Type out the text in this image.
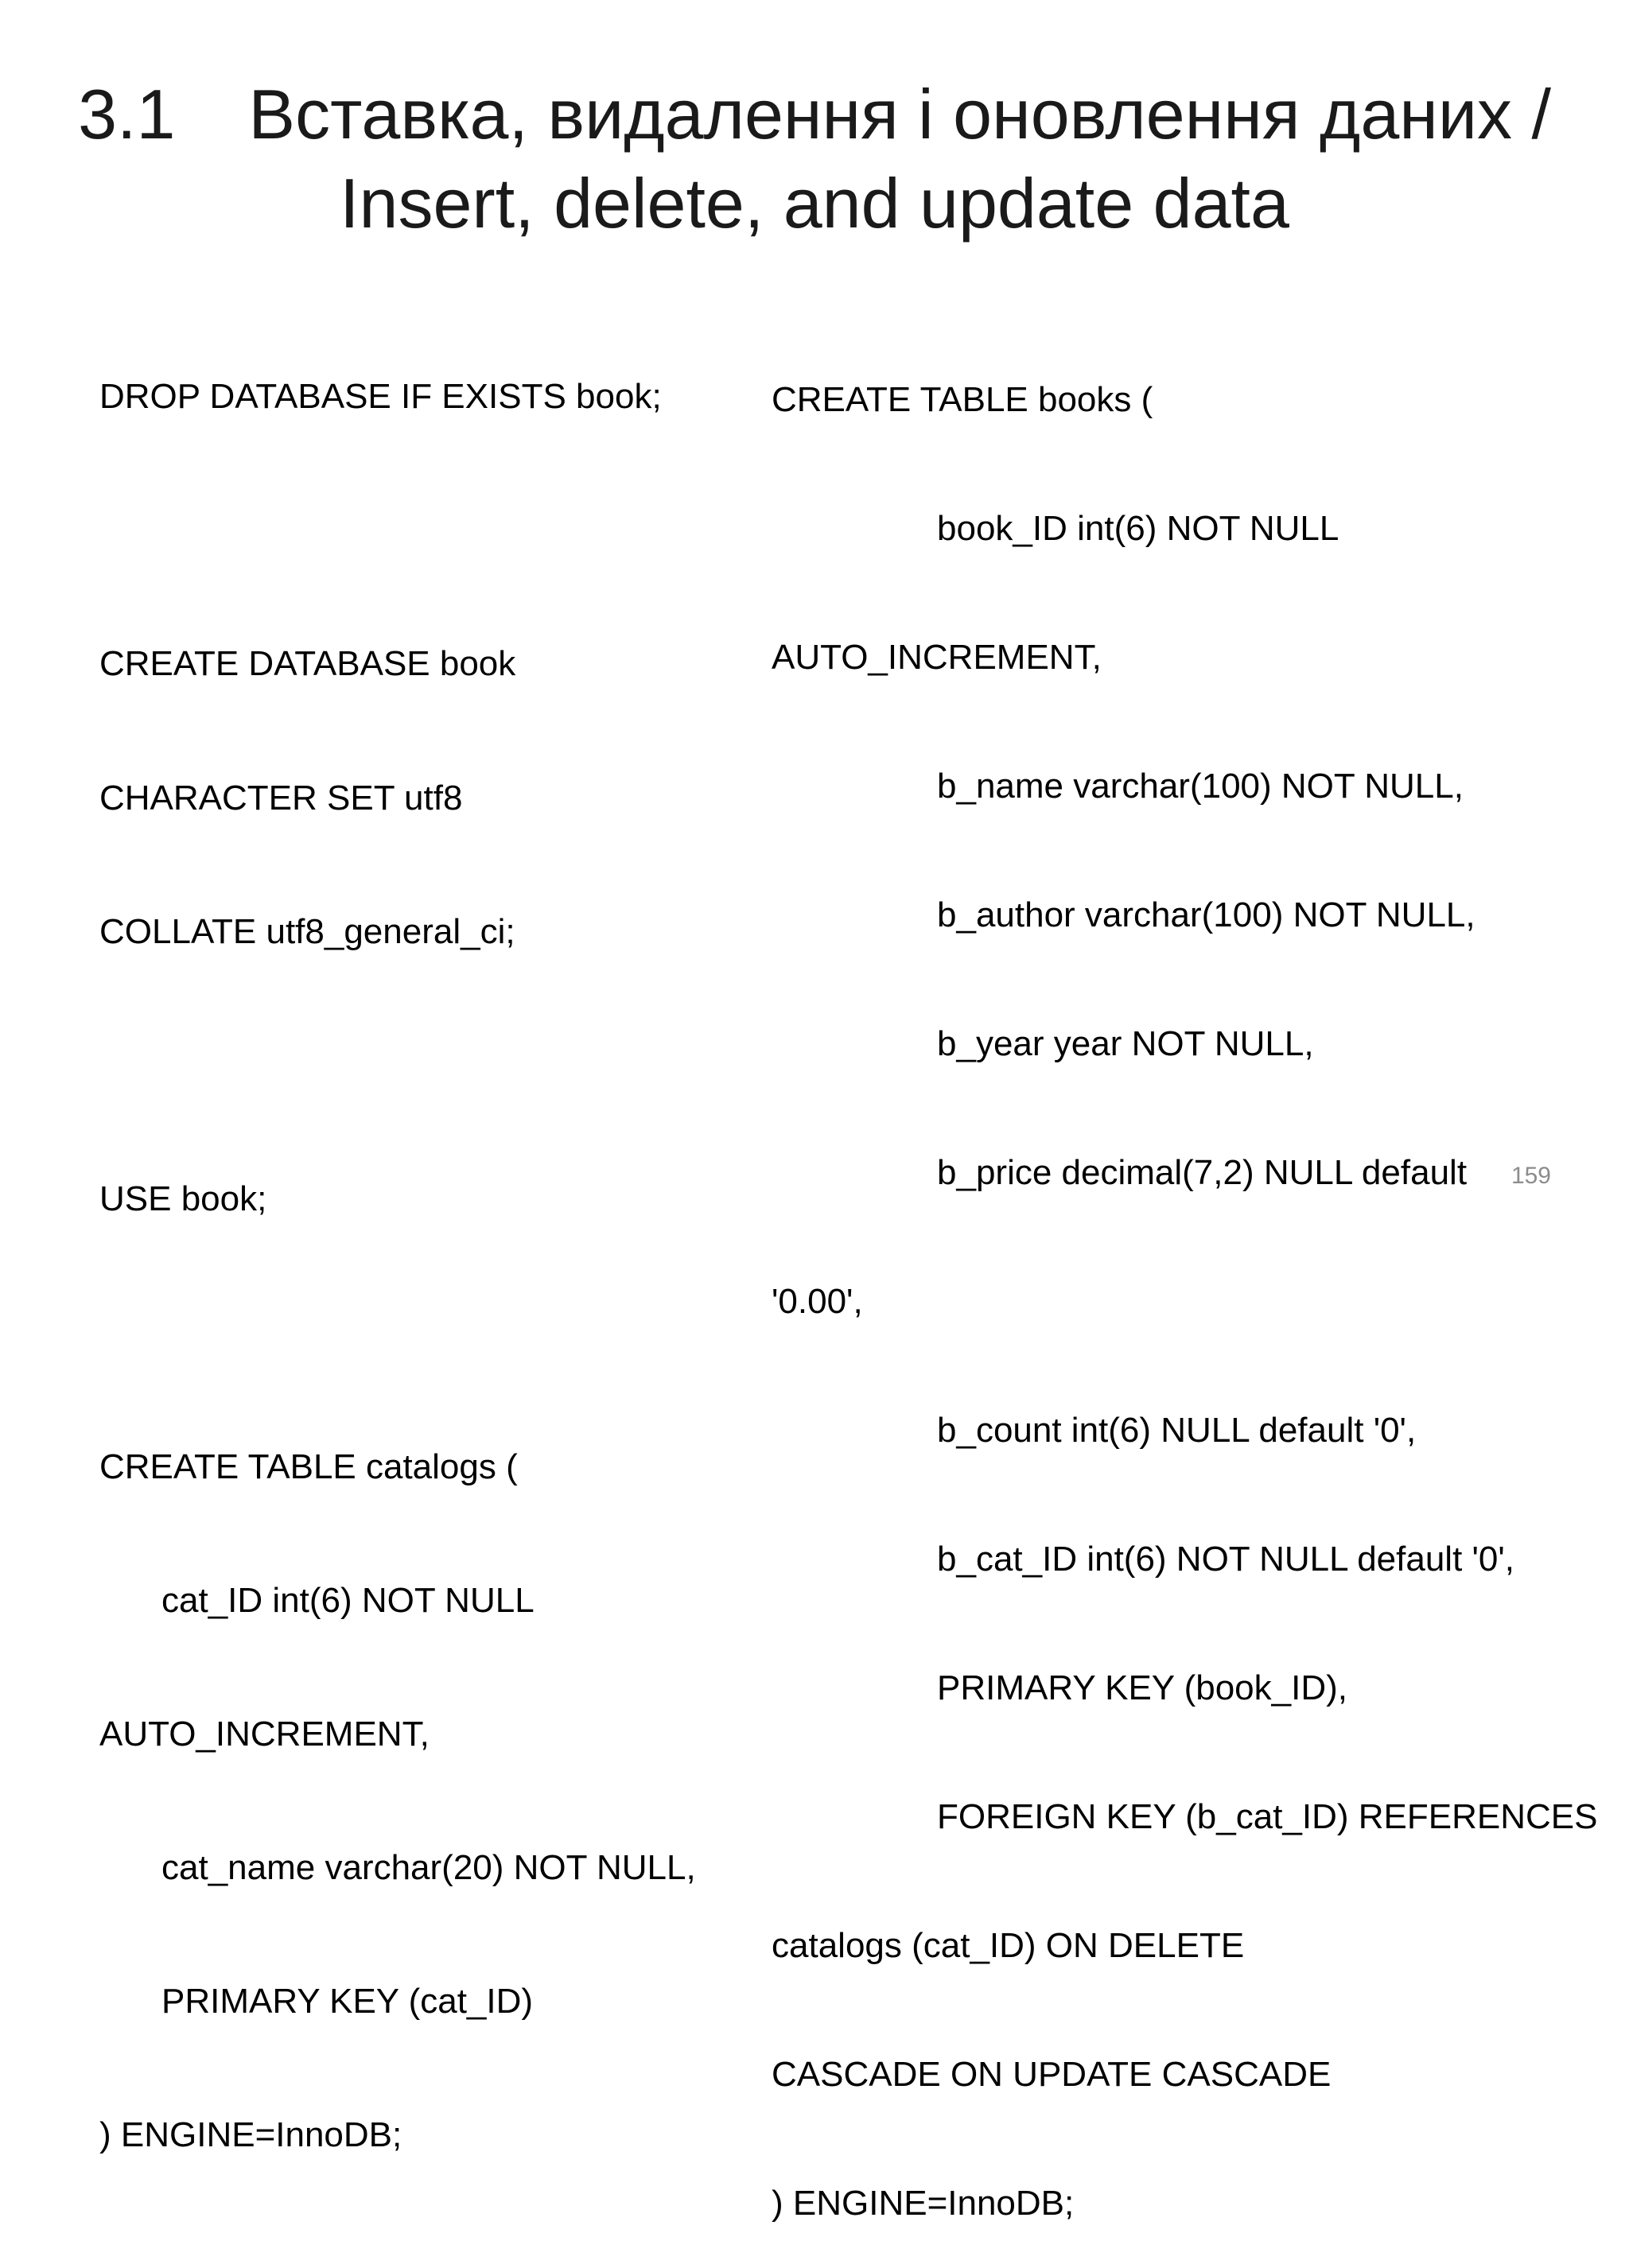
3.1 Вставка, видалення і оновлення даних /
Insert, delete, and update data

DROP DATABASE IF EXISTS book;

CREATE DATABASE book

CHARACTER SET utf8

COLLATE utf8_general_ci;

USE book;

CREATE TABLE catalogs (

cat_ID int(6) NOT NULL

AUTO_INCREMENT,

cat_name varchar(20) NOT NULL,

PRIMARY KEY (cat_ID)

) ENGINE=InnoDB;

CREATE TABLE books (

book_ID int(6) NOT NULL

AUTO_INCREMENT,

b_name varchar(100) NOT NULL,

b_author varchar(100) NOT NULL,

b_year year NOT NULL,

b_price decimal(7,2) NULL default

'0.00',

b_count int(6) NULL default '0',

b_cat_ID int(6) NOT NULL default '0',

PRIMARY KEY (book_ID),

FOREIGN KEY (b_cat_ID) REFERENCES

catalogs (cat_ID) ON DELETE

CASCADE ON UPDATE CASCADE

) ENGINE=InnoDB;

159
